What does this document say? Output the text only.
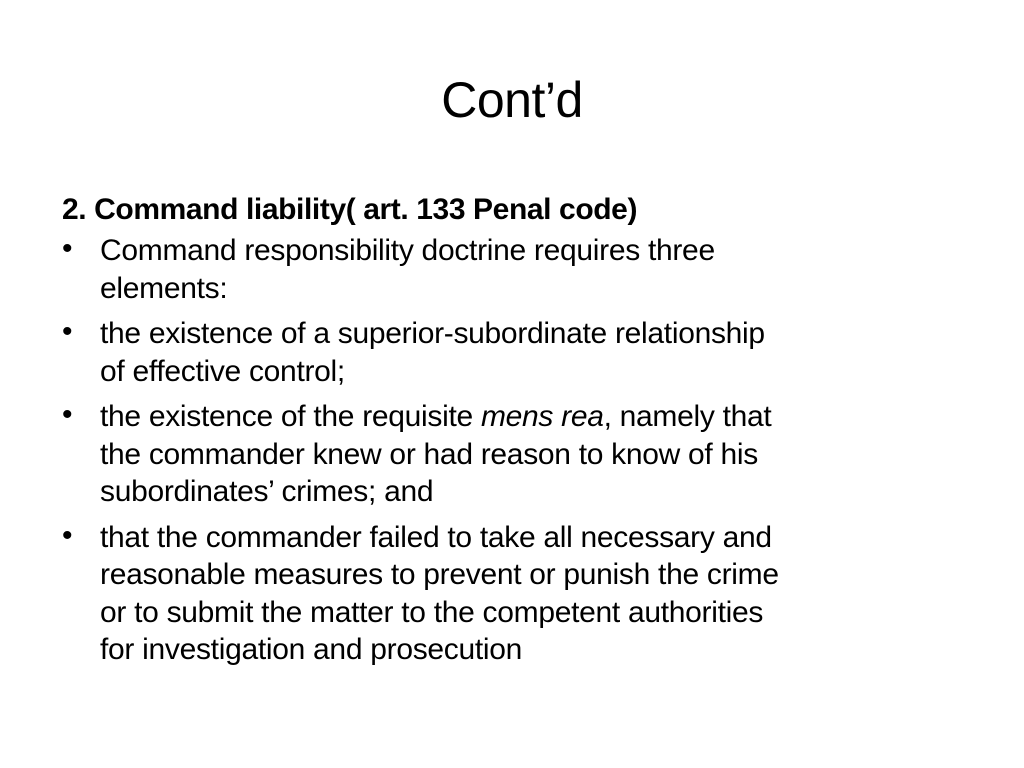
Cont’d
2. Command liability( art. 133 Penal code)
• Command responsibility doctrine requires three
elements:
• the existence of a superior-subordinate relationship
of effective control;
• the existence of the requisite mens rea, namely that
the commander knew or had reason to know of his
subordinates’ crimes; and
• that the commander failed to take all necessary and
reasonable measures to prevent or punish the crime
or to submit the matter to the competent authorities
for investigation and prosecution
